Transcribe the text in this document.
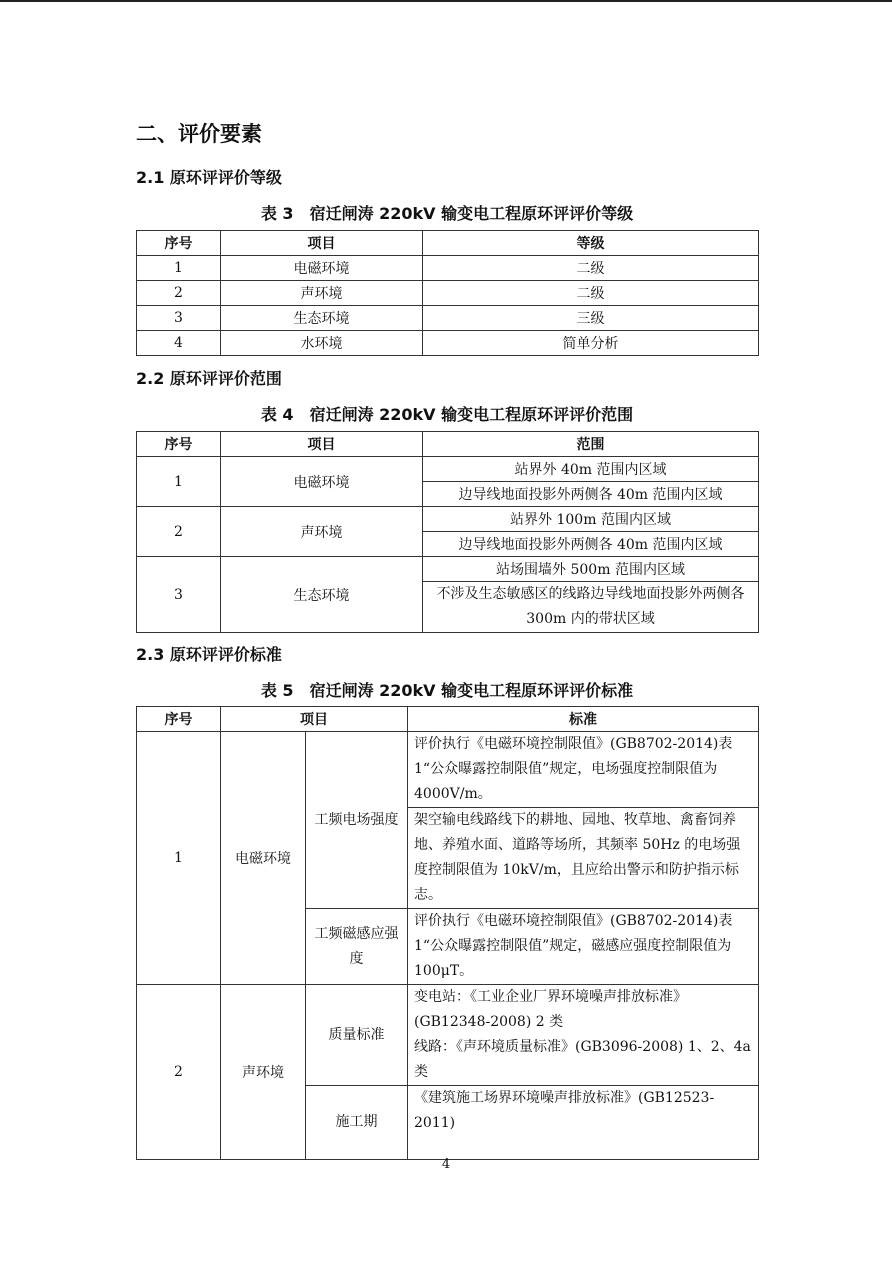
二、评价要素
2.1 原环评评价等级
表 3　宿迁闸涛 220kV 输变电工程原环评评价等级
序号	项目	等级
1	电磁环境	二级
2	声环境	二级
3	生态环境	三级
4	水环境	简单分析
2.2 原环评评价范围
表 4　宿迁闸涛 220kV 输变电工程原环评评价范围
序号	项目	范围
1	电磁环境	站界外 40m 范围内区域
		边导线地面投影外两侧各 40m 范围内区域
2	声环境	站界外 100m 范围内区域
		边导线地面投影外两侧各 40m 范围内区域
3	生态环境	站场围墙外 500m 范围内区域
		不涉及生态敏感区的线路边导线地面投影外两侧各 300m 内的带状区域
2.3 原环评评价标准
表 5　宿迁闸涛 220kV 输变电工程原环评评价标准
序号	项目		标准
1	电磁环境	工频电场强度	评价执行《电磁环境控制限值》(GB8702-2014)表 1“公众曝露控制限值”规定，电场强度控制限值为 4000V/m。
			架空输电线路线下的耕地、园地、牧草地、禽畜饲养地、养殖水面、道路等场所，其频率 50Hz 的电场强度控制限值为 10kV/m，且应给出警示和防护指示标志。
		工频磁感应强度	评价执行《电磁环境控制限值》(GB8702-2014)表 1“公众曝露控制限值”规定，磁感应强度控制限值为 100μT。
2	声环境	质量标准	变电站：《工业企业厂界环境噪声排放标准》(GB12348-2008) 2 类
线路：《声环境质量标准》(GB3096-2008) 1、2、4a 类
		施工期	《建筑施工场界环境噪声排放标准》(GB12523-2011)
4
